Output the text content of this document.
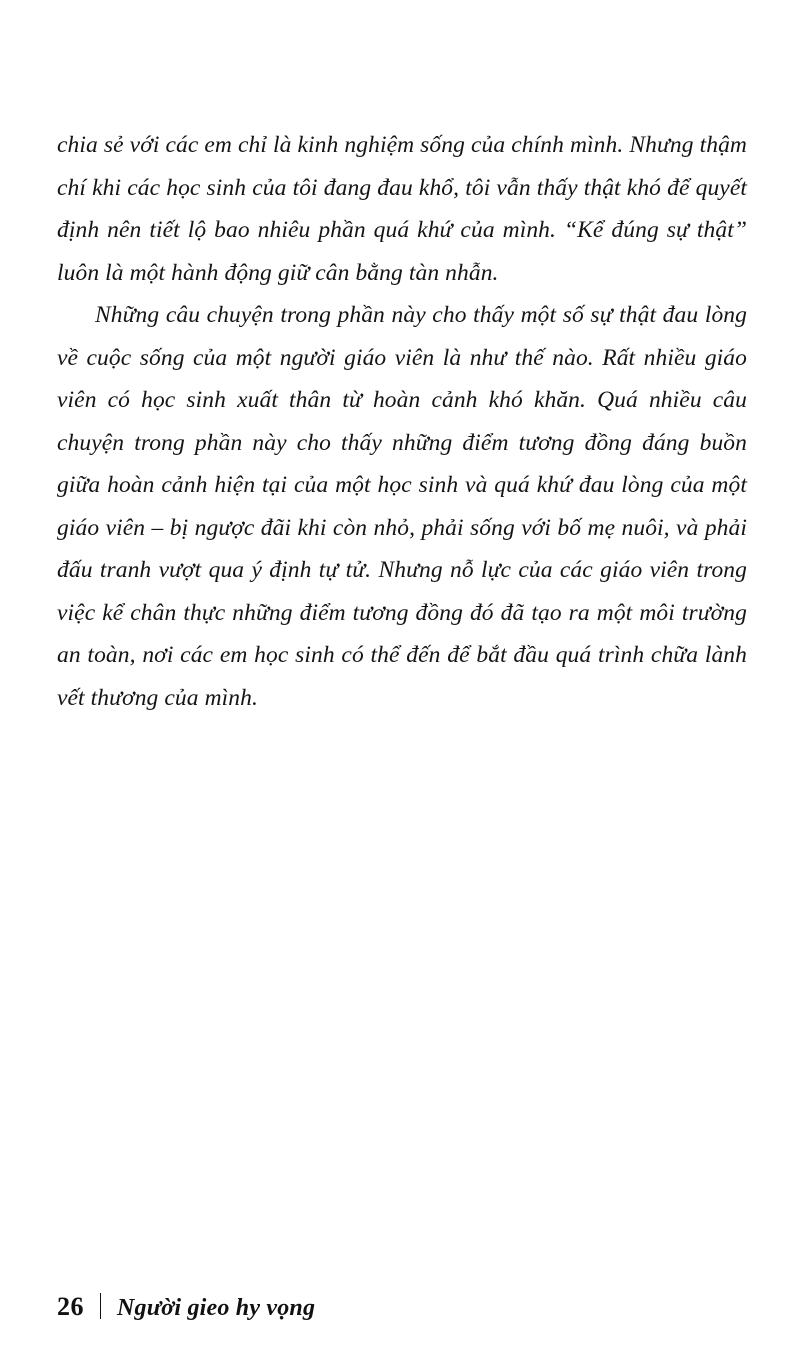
chia sẻ với các em chỉ là kinh nghiệm sống của chính mình. Nhưng thậm chí khi các học sinh của tôi đang đau khổ, tôi vẫn thấy thật khó để quyết định nên tiết lộ bao nhiêu phần quá khứ của mình. “Kể đúng sự thật” luôn là một hành động giữ cân bằng tàn nhẫn.

Những câu chuyện trong phần này cho thấy một số sự thật đau lòng về cuộc sống của một người giáo viên là như thế nào. Rất nhiều giáo viên có học sinh xuất thân từ hoàn cảnh khó khăn. Quá nhiều câu chuyện trong phần này cho thấy những điểm tương đồng đáng buồn giữa hoàn cảnh hiện tại của một học sinh và quá khứ đau lòng của một giáo viên – bị ngược đãi khi còn nhỏ, phải sống với bố mẹ nuôi, và phải đấu tranh vượt qua ý định tự tử. Nhưng nỗ lực của các giáo viên trong việc kể chân thực những điểm tương đồng đó đã tạo ra một môi trường an toàn, nơi các em học sinh có thể đến để bắt đầu quá trình chữa lành vết thương của mình.

26 Người gieo hy vọng
